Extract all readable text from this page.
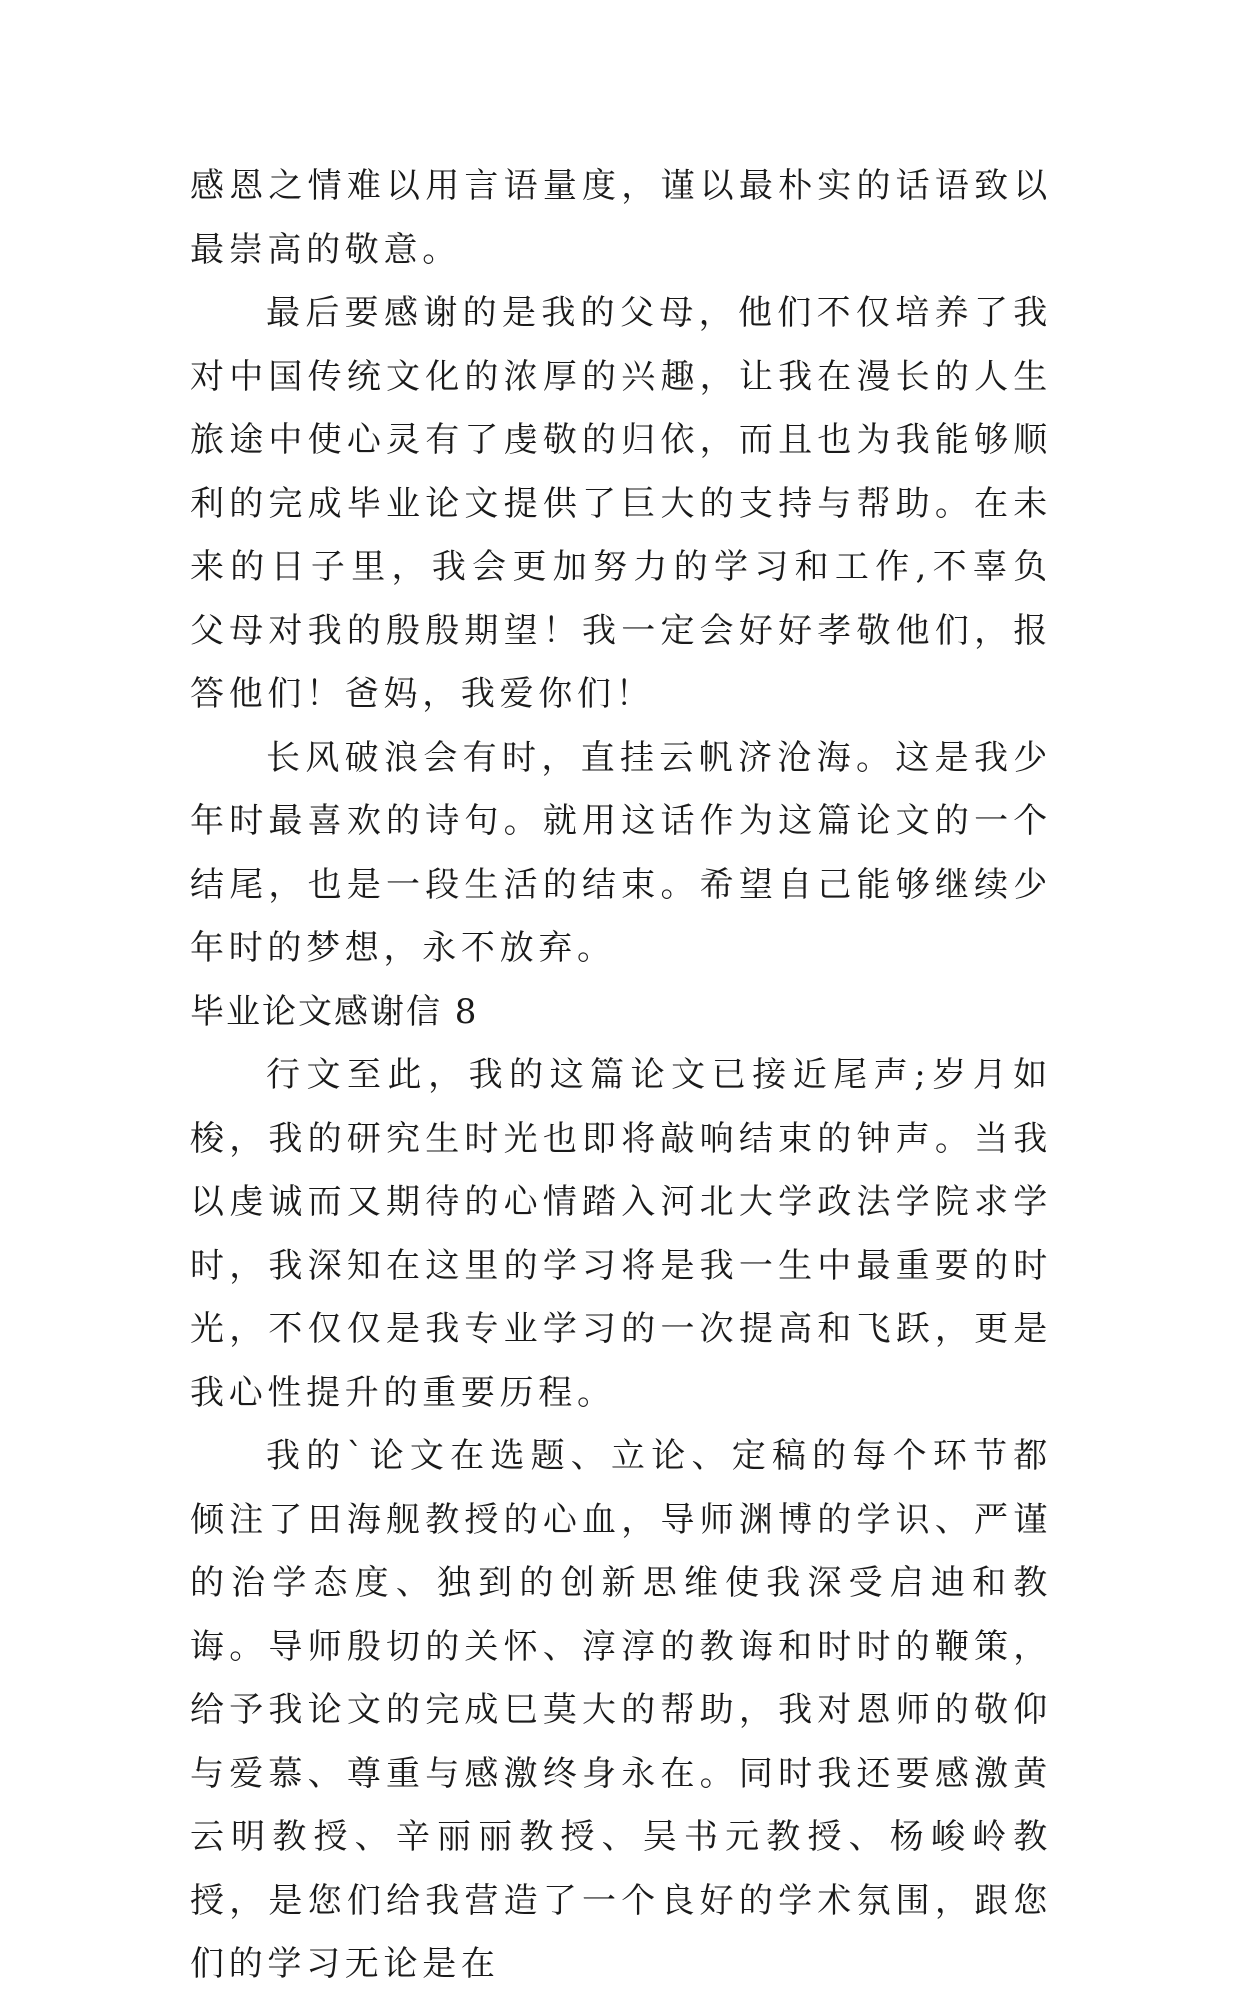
感恩之情难以用言语量度，谨以最朴实的话语致以最崇高的敬意。

最后要感谢的是我的父母，他们不仅培养了我对中国传统文化的浓厚的兴趣，让我在漫长的人生旅途中使心灵有了虔敬的归依，而且也为我能够顺利的完成毕业论文提供了巨大的支持与帮助。在未来的日子里，我会更加努力的学习和工作,不辜负父母对我的殷殷期望！我一定会好好孝敬他们，报答他们！爸妈，我爱你们！

长风破浪会有时，直挂云帆济沧海。这是我少年时最喜欢的诗句。就用这话作为这篇论文的一个结尾，也是一段生活的结束。希望自己能够继续少年时的梦想，永不放弃。

毕业论文感谢信 8

行文至此，我的这篇论文已接近尾声;岁月如梭，我的研究生时光也即将敲响结束的钟声。当我以虔诚而又期待的心情踏入河北大学政法学院求学时，我深知在这里的学习将是我一生中最重要的时光，不仅仅是我专业学习的一次提高和飞跃，更是我心性提升的重要历程。

我的`论文在选题、立论、定稿的每个环节都倾注了田海舰教授的心血，导师渊博的学识、严谨的治学态度、独到的创新思维使我深受启迪和教诲。导师殷切的关怀、淳淳的教诲和时时的鞭策，给予我论文的完成巳莫大的帮助，我对恩师的敬仰与爱慕、尊重与感激终身永在。同时我还要感激黄云明教授、辛丽丽教授、吴书元教授、杨峻岭教授，是您们给我营造了一个良好的学术氛围，跟您们的学习无论是在
